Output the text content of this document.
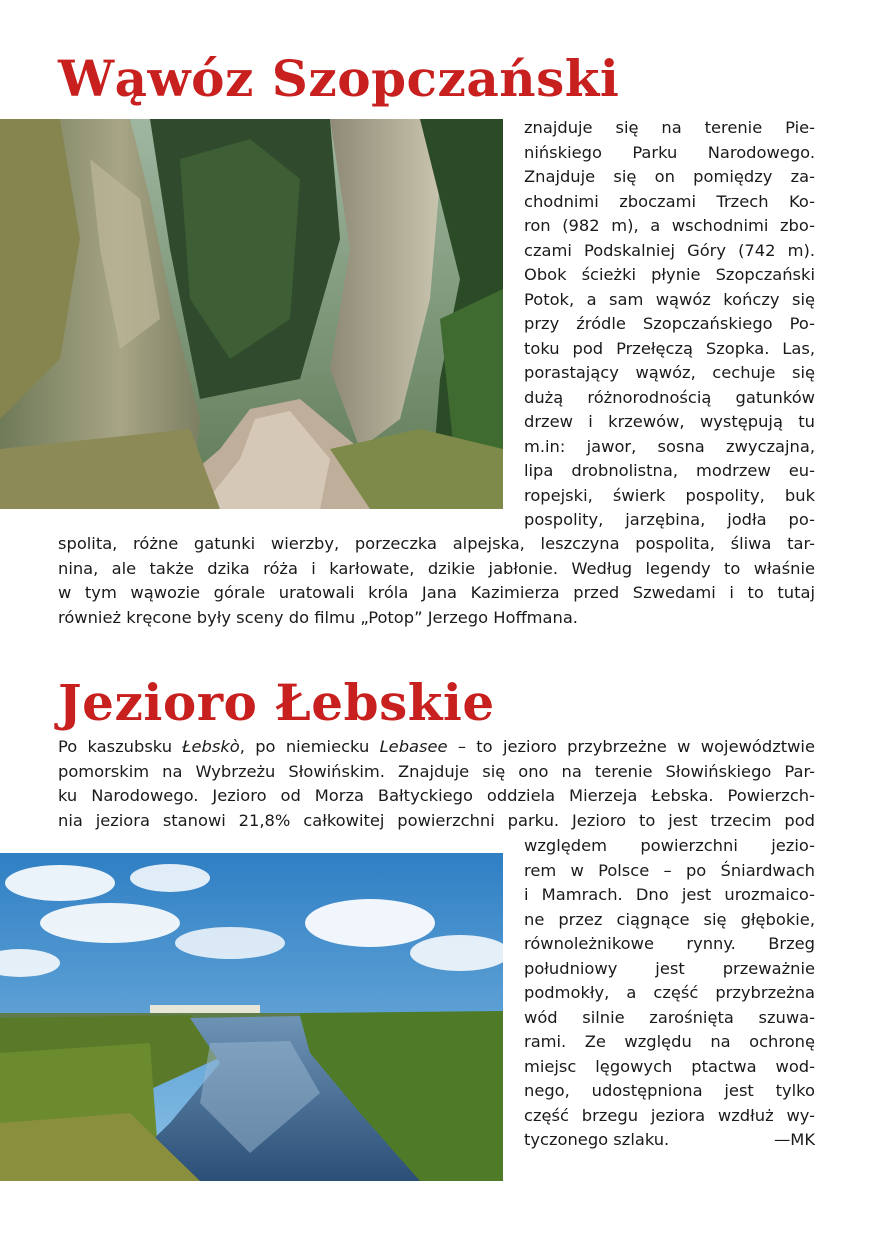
Wąwóz Szopczański
znajduje się na terenie Pie-
nińskiego Parku Narodowego.
Znajduje się on pomiędzy za-
chodnimi zboczami Trzech Ko-
ron (982 m), a wschodnimi zbo-
czami Podskalniej Góry (742 m).
Obok ścieżki płynie Szopczański
Potok, a sam wąwóz kończy się
przy źródle Szopczańskiego Po-
toku pod Przełęczą Szopka. Las,
porastający wąwóz, cechuje się
dużą różnorodnością gatunków
drzew i krzewów, występują tu
m.in: jawor, sosna zwyczajna,
lipa drobnolistna, modrzew eu-
ropejski, świerk pospolity, buk
pospolity, jarzębina, jodła po-
spolita, różne gatunki wierzby, porzeczka alpejska, leszczyna pospolita, śliwa tar-
nina, ale także dzika róża i karłowate, dzikie jabłonie. Według legendy to właśnie
w tym wąwozie górale uratowali króla Jana Kazimierza przed Szwedami i to tutaj
również kręcone były sceny do filmu „Potop” Jerzego Hoffmana.
Jezioro Łebskie
Po kaszubsku Łebskò, po niemiecku Lebasee – to jezioro przybrzeżne w województwie
pomorskim na Wybrzeżu Słowińskim. Znajduje się ono na terenie Słowińskiego Par-
ku Narodowego. Jezioro od Morza Bałtyckiego oddziela Mierzeja Łebska. Powierzch-
nia jeziora stanowi 21,8% całkowitej powierzchni parku. Jezioro to jest trzecim pod
względem powierzchni jezio-
rem w Polsce – po Śniardwach
i Mamrach. Dno jest urozmaico-
ne przez ciągnące się głębokie,
równoleżnikowe rynny. Brzeg
południowy jest przeważnie
podmokły, a część przybrzeżna
wód silnie zarośnięta szuwa-
rami. Ze względu na ochronę
miejsc lęgowych ptactwa wod-
nego, udostępniona jest tylko
część brzegu jeziora wzdłuż wy-
tyczonego szlaku.	—MK
